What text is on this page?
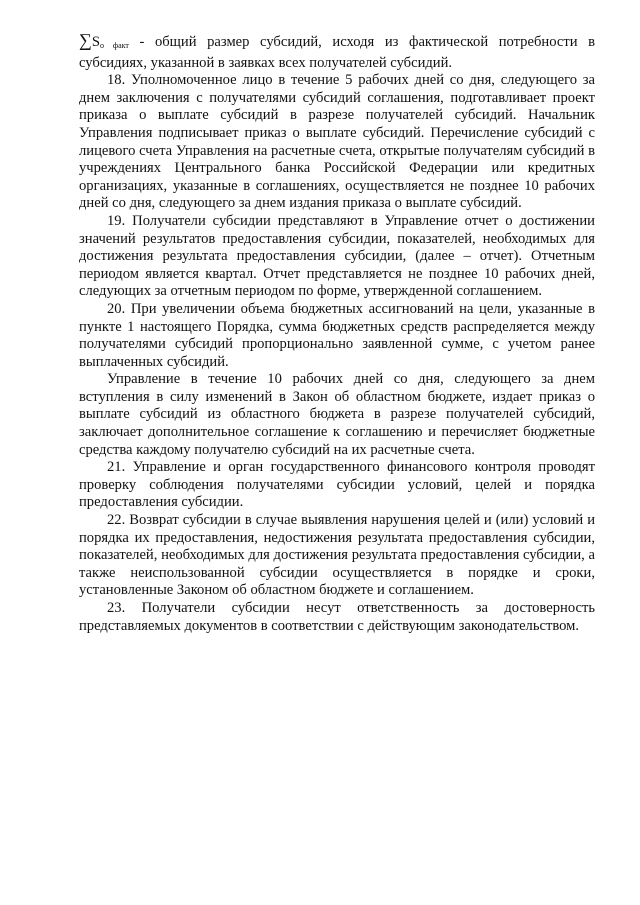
$\sum S_{о факт}$ - общий размер субсидий, исходя из фактической потребности в субсидиях, указанной в заявках всех получателей субсидий.

18. Уполномоченное лицо в течение 5 рабочих дней со дня, следующего за днем заключения с получателями субсидий соглашения, подготавливает проект приказа о выплате субсидий в разрезе получателей субсидий. Начальник Управления подписывает приказ о выплате субсидий. Перечисление субсидий с лицевого счета Управления на расчетные счета, открытые получателям субсидий в учреждениях Центрального банка Российской Федерации или кредитных организациях, указанные в соглашениях, осуществляется не позднее 10 рабочих дней со дня, следующего за днем издания приказа о выплате субсидий.

19. Получатели субсидии представляют в Управление отчет о достижении значений результатов предоставления субсидии, показателей, необходимых для достижения результата предоставления субсидии, (далее – отчет). Отчетным периодом является квартал. Отчет представляется не позднее 10 рабочих дней, следующих за отчетным периодом по форме, утвержденной соглашением.

20. При увеличении объема бюджетных ассигнований на цели, указанные в пункте 1 настоящего Порядка, сумма бюджетных средств распределяется между получателями субсидий пропорционально заявленной сумме, с учетом ранее выплаченных субсидий.

Управление в течение 10 рабочих дней со дня, следующего за днем вступления в силу изменений в Закон об областном бюджете, издает приказ о выплате субсидий из областного бюджета в разрезе получателей субсидий, заключает дополнительное соглашение к соглашению и перечисляет бюджетные средства каждому получателю субсидий на их расчетные счета.

21. Управление и орган государственного финансового контроля проводят проверку соблюдения получателями субсидии условий, целей и порядка предоставления субсидии.

22. Возврат субсидии в случае выявления нарушения целей и (или) условий и порядка их предоставления, недостижения результата предоставления субсидии, показателей, необходимых для достижения результата предоставления субсидии, а также неиспользованной субсидии осуществляется в порядке и сроки, установленные Законом об областном бюджете и соглашением.

23. Получатели субсидии несут ответственность за достоверность представляемых документов в соответствии с действующим законодательством.
